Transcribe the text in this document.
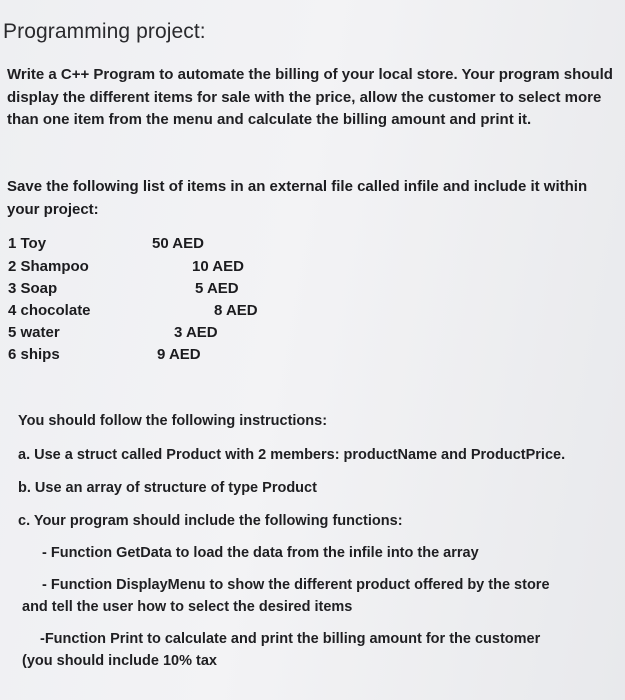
Programming project:

Write a C++ Program to automate the billing of your local store. Your program should display the different items for sale with the price, allow the customer to select more than one item from the menu and calculate the billing amount and print it.

Save the following list of items in an external file called infile and include it within your project:
1 Toy	50 AED
2 Shampoo	10 AED
3 Soap	5 AED
4 chocolate	8 AED
5 water	3 AED
6 ships	9 AED
You should follow the following instructions:
a. Use a struct called Product with 2 members: productName and ProductPrice.
b. Use an array of structure of type Product
c. Your program should include the following functions:
- Function GetData to load the data from the infile into the array
- Function DisplayMenu to show the different product offered by the store
and tell the user how to select the desired items
-Function Print to calculate and print the billing amount for the customer
(you should include 10% tax
